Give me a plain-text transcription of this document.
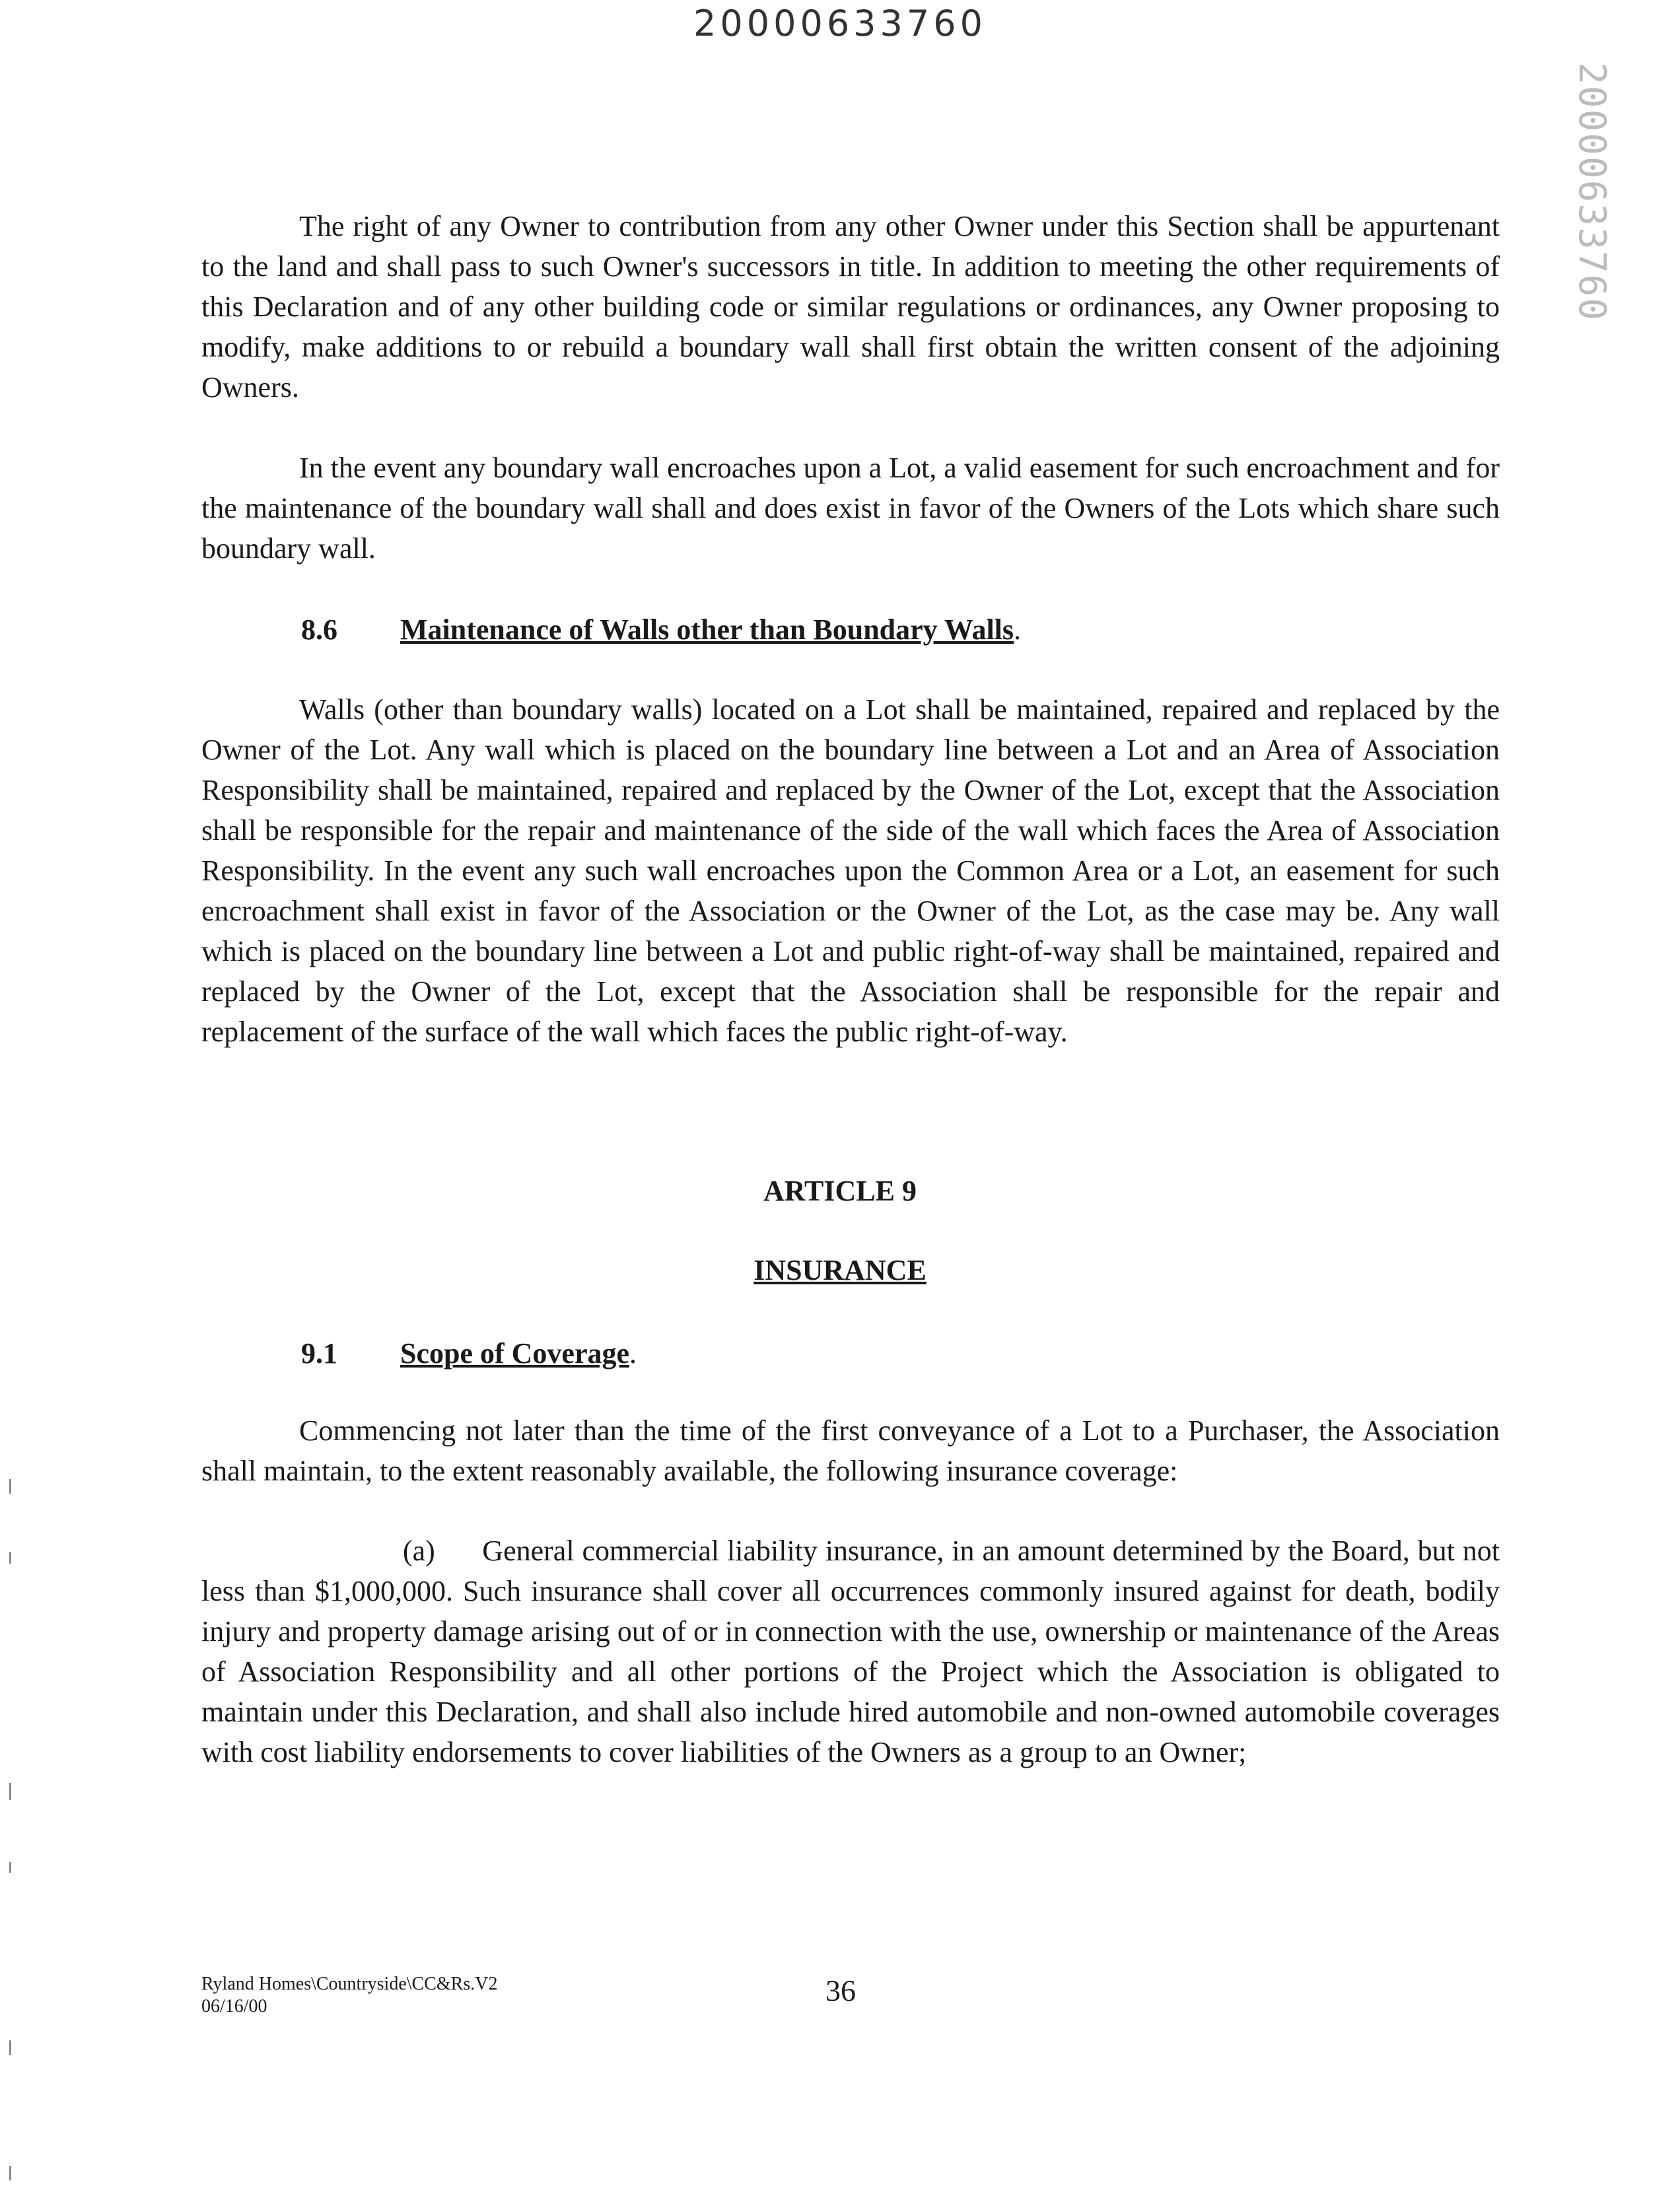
20000633760
20000633760

The right of any Owner to contribution from any other Owner under this Section shall be appurtenant to the land and shall pass to such Owner's successors in title. In addition to meeting the other requirements of this Declaration and of any other building code or similar regulations or ordinances, any Owner proposing to modify, make additions to or rebuild a boundary wall shall first obtain the written consent of the adjoining Owners.

In the event any boundary wall encroaches upon a Lot, a valid easement for such encroachment and for the maintenance of the boundary wall shall and does exist in favor of the Owners of the Lots which share such boundary wall.

8.6 Maintenance of Walls other than Boundary Walls.

Walls (other than boundary walls) located on a Lot shall be maintained, repaired and replaced by the Owner of the Lot. Any wall which is placed on the boundary line between a Lot and an Area of Association Responsibility shall be maintained, repaired and replaced by the Owner of the Lot, except that the Association shall be responsible for the repair and maintenance of the side of the wall which faces the Area of Association Responsibility. In the event any such wall encroaches upon the Common Area or a Lot, an easement for such encroachment shall exist in favor of the Association or the Owner of the Lot, as the case may be. Any wall which is placed on the boundary line between a Lot and public right-of-way shall be maintained, repaired and replaced by the Owner of the Lot, except that the Association shall be responsible for the repair and replacement of the surface of the wall which faces the public right-of-way.

ARTICLE 9
INSURANCE
9.1 Scope of Coverage.

Commencing not later than the time of the first conveyance of a Lot to a Purchaser, the Association shall maintain, to the extent reasonably available, the following insurance coverage:

(a)      General commercial liability insurance, in an amount determined by the Board, but not less than $1,000,000. Such insurance shall cover all occurrences commonly insured against for death, bodily injury and property damage arising out of or in connection with the use, ownership or maintenance of the Areas of Association Responsibility and all other portions of the Project which the Association is obligated to maintain under this Declaration, and shall also include hired automobile and non-owned automobile coverages with cost liability endorsements to cover liabilities of the Owners as a group to an Owner;

Ryland Homes\Countryside\CC&Rs.V2
06/16/00	36
